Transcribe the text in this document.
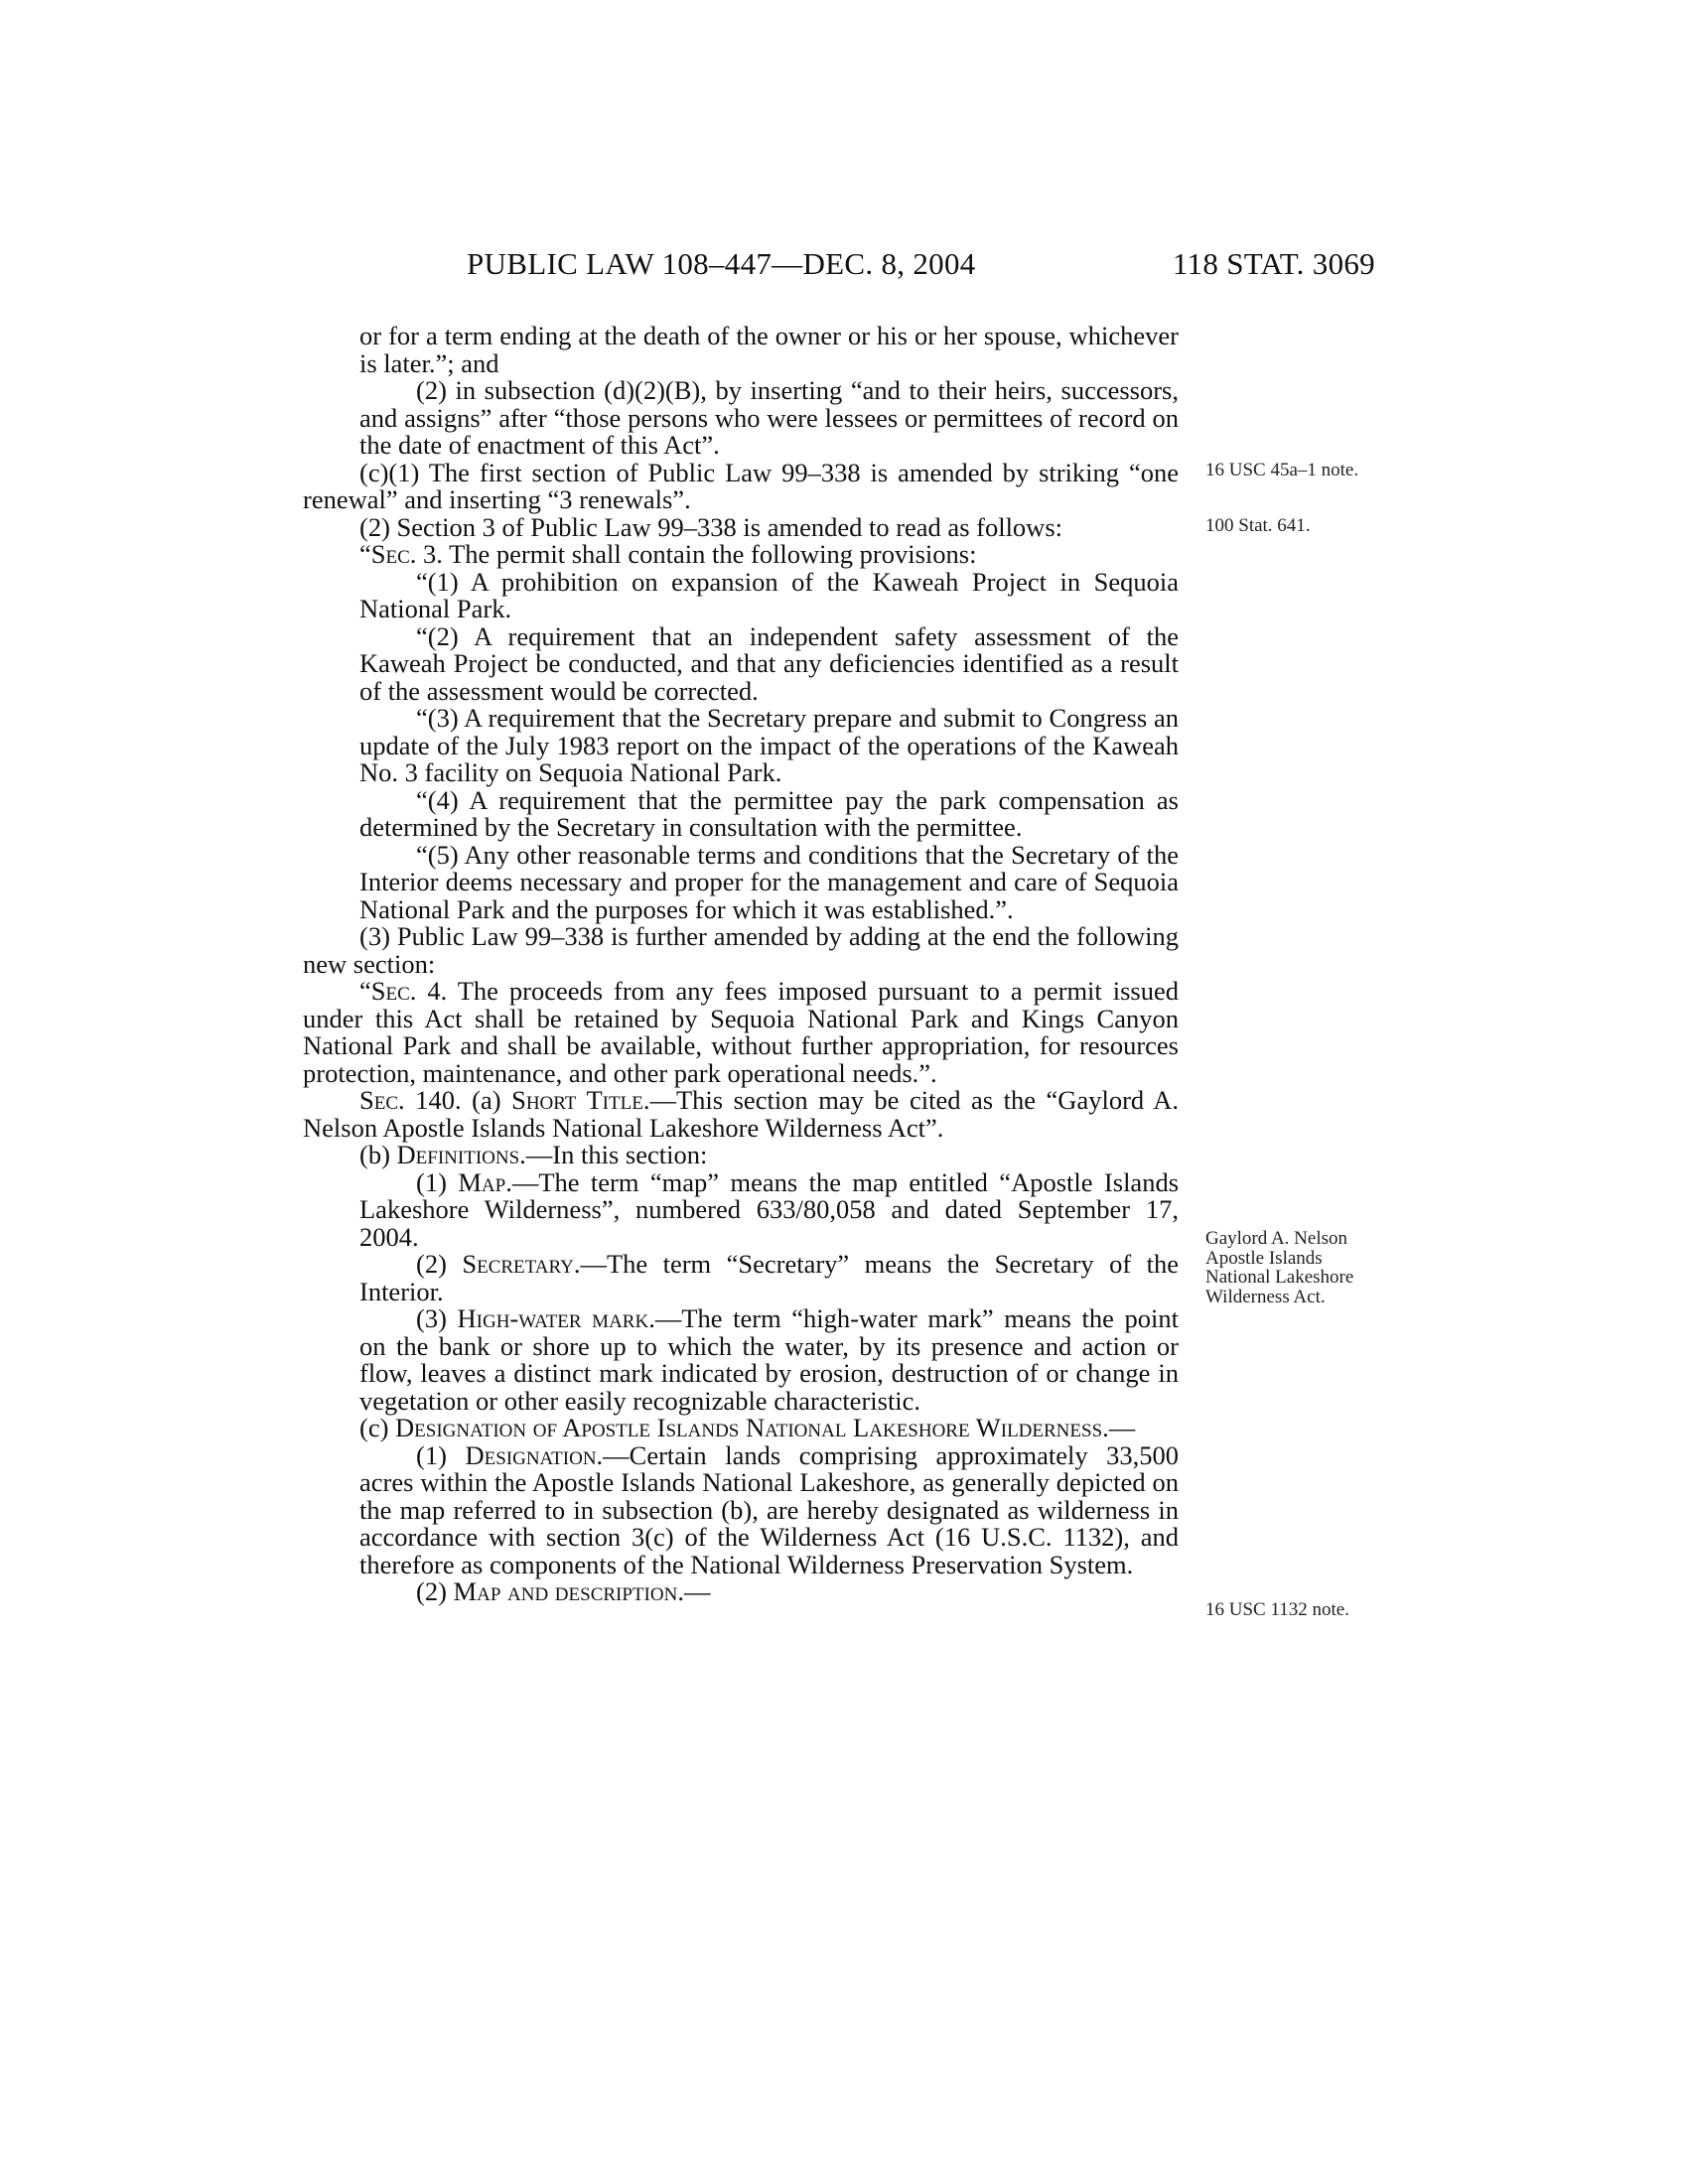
PUBLIC LAW 108–447—DEC. 8, 2004	118 STAT. 3069

or for a term ending at the death of the owner or his or her spouse, whichever is later.”; and

(2) in subsection (d)(2)(B), by inserting “and to their heirs, successors, and assigns” after “those persons who were lessees or permittees of record on the date of enactment of this Act”.

(c)(1) The first section of Public Law 99–338 is amended by striking “one renewal” and inserting “3 renewals”.

(2) Section 3 of Public Law 99–338 is amended to read as follows:

“Sec. 3. The permit shall contain the following provisions:

“(1) A prohibition on expansion of the Kaweah Project in Sequoia National Park.

“(2) A requirement that an independent safety assessment of the Kaweah Project be conducted, and that any deficiencies identified as a result of the assessment would be corrected.

“(3) A requirement that the Secretary prepare and submit to Congress an update of the July 1983 report on the impact of the operations of the Kaweah No. 3 facility on Sequoia National Park.

“(4) A requirement that the permittee pay the park compensation as determined by the Secretary in consultation with the permittee.

“(5) Any other reasonable terms and conditions that the Secretary of the Interior deems necessary and proper for the management and care of Sequoia National Park and the purposes for which it was established.”.

(3) Public Law 99–338 is further amended by adding at the end the following new section:

“Sec. 4. The proceeds from any fees imposed pursuant to a permit issued under this Act shall be retained by Sequoia National Park and Kings Canyon National Park and shall be available, without further appropriation, for resources protection, maintenance, and other park operational needs.”.

Sec. 140. (a) Short Title.—This section may be cited as the “Gaylord A. Nelson Apostle Islands National Lakeshore Wilderness Act”.

(b) Definitions.—In this section:

(1) Map.—The term “map” means the map entitled “Apostle Islands Lakeshore Wilderness”, numbered 633/80,058 and dated September 17, 2004.

(2) Secretary.—The term “Secretary” means the Secretary of the Interior.

(3) High-water mark.—The term “high-water mark” means the point on the bank or shore up to which the water, by its presence and action or flow, leaves a distinct mark indicated by erosion, destruction of or change in vegetation or other easily recognizable characteristic.

(c) Designation of Apostle Islands National Lakeshore Wilderness.—

(1) Designation.—Certain lands comprising approximately 33,500 acres within the Apostle Islands National Lakeshore, as generally depicted on the map referred to in subsection (b), are hereby designated as wilderness in accordance with section 3(c) of the Wilderness Act (16 U.S.C. 1132), and therefore as components of the National Wilderness Preservation System.

(2) Map and description.—

16 USC 45a–1 note.
100 Stat. 641.
Gaylord A. Nelson Apostle Islands National Lakeshore Wilderness Act.
16 USC 1132 note.
